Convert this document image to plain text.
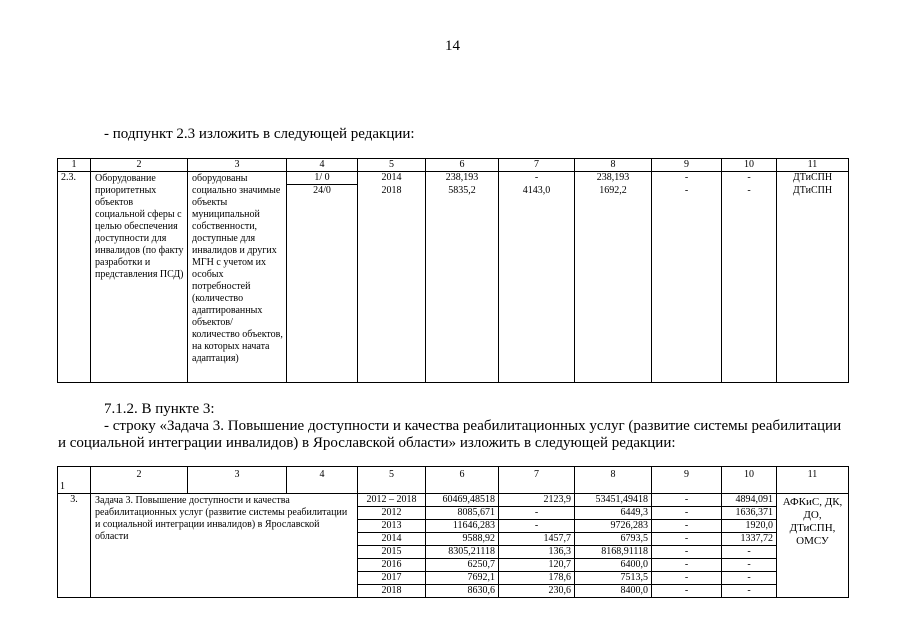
14
- подпункт 2.3 изложить в следующей редакции:
1	2	3	4	5	6	7	8	9	10	11
2.3.	Оборудование приоритетных объектов социальной сферы с целью обеспечения доступности для инвалидов (по факту разработки и представления ПСД)	оборудованы социально значимые объекты муниципальной собственности, доступные для инвалидов и других МГН с учетом их особых потребностей (количество адаптированных объектов/ количество объектов, на которых начата адаптация)	1/ 0	2014	238,193	-	238,193	-	-	ДТиСПН
			24/0	2018	5835,2	4143,0	1692,2	-	-	ДТиСПН
7.1.2. В пункте 3:
- строку «Задача 3. Повышение доступности и качества реабилитационных услуг (развитие системы реабилитации
и социальной интеграции инвалидов) в Ярославской области» изложить в следующей редакции:
1	2	3	4	5	6	7	8	9	10	11
3.	Задача 3. Повышение доступности и качества реабилитационных услуг (развитие системы реабилитации и социальной интеграции инвалидов) в Ярославской области			2012 – 2018	60469,48518	2123,9	53451,49418	-	4894,091	АФКиС, ДК, ДО, ДТиСПН, ОМСУ
				2012	8085,671	-	6449,3	-	1636,371	
				2013	11646,283	-	9726,283	-	1920,0	
				2014	9588,92	1457,7	6793,5	-	1337,72	
				2015	8305,21118	136,3	8168,91118	-	-	
				2016	6250,7	120,7	6400,0	-	-	
				2017	7692,1	178,6	7513,5	-	-	
				2018	8630,6	230,6	8400,0	-	-	
